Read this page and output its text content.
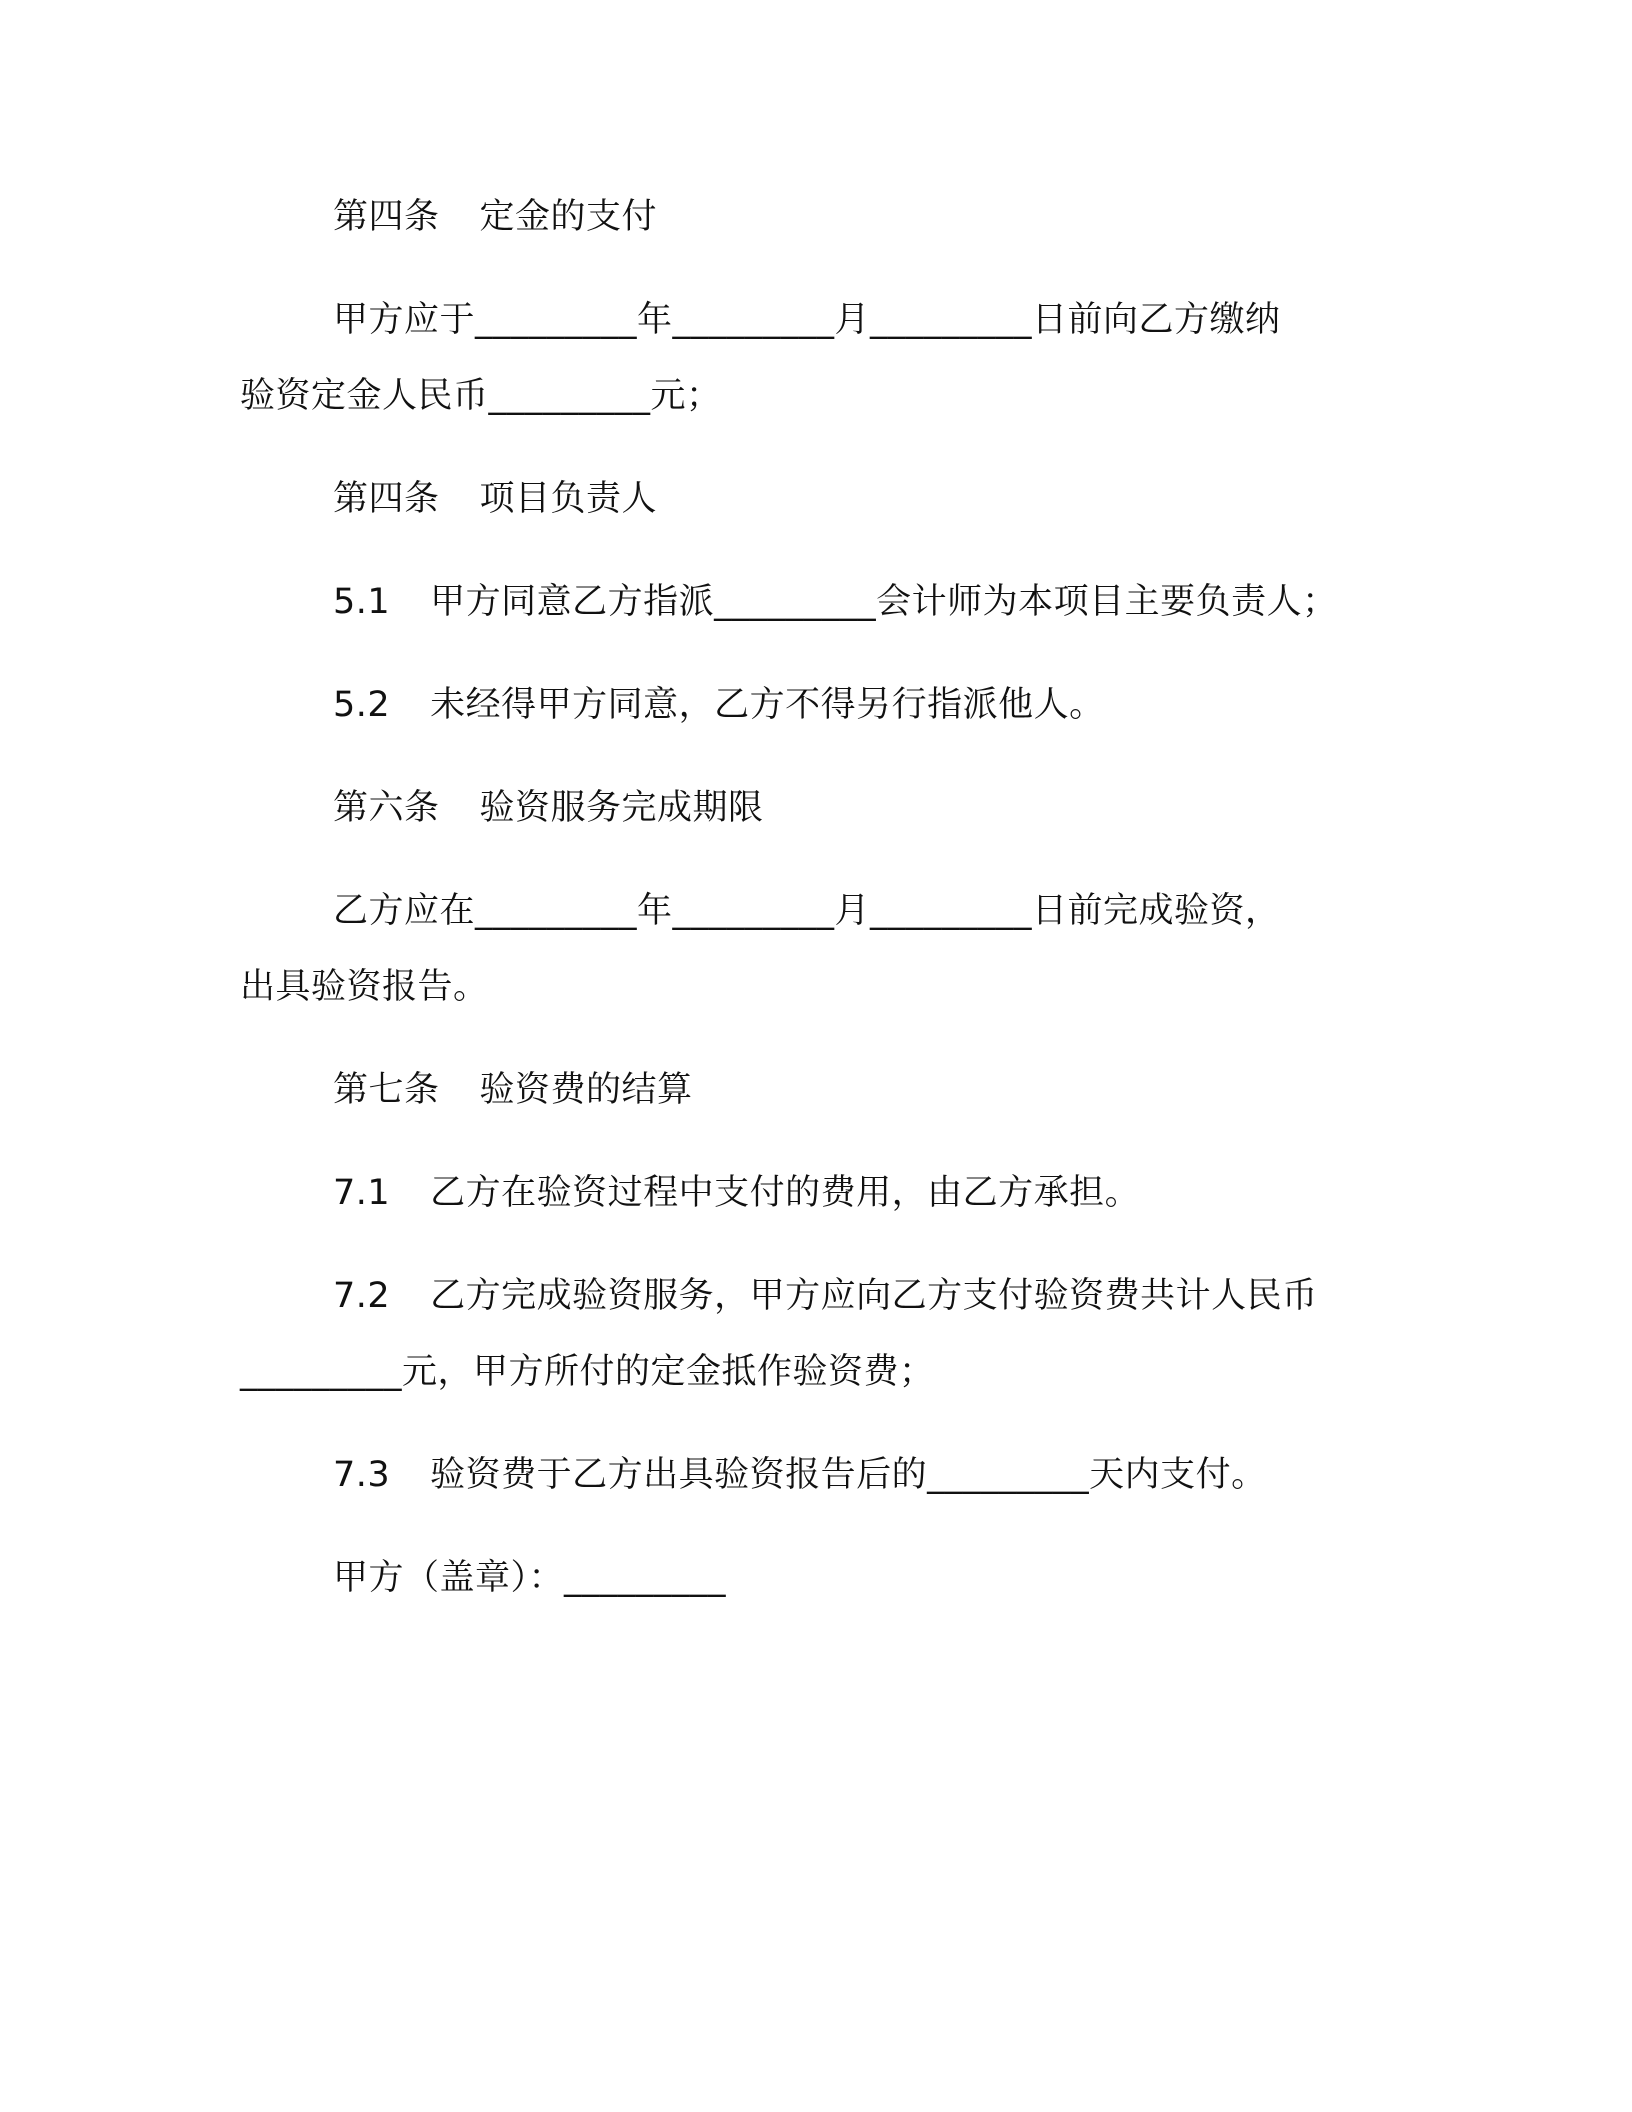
第四条 定金的支付
甲方应于_________年_________月_________日前向乙方缴纳
验资定金人民币_________元；
第四条 项目负责人
5.1 甲方同意乙方指派_________会计师为本项目主要负责人；
5.2 未经得甲方同意，乙方不得另行指派他人。
第六条 验资服务完成期限
乙方应在_________年_________月_________日前完成验资，
出具验资报告。
第七条 验资费的结算
7.1 乙方在验资过程中支付的费用，由乙方承担。
7.2 乙方完成验资服务，甲方应向乙方支付验资费共计人民币
_________元，甲方所付的定金抵作验资费；
7.3 验资费于乙方出具验资报告后的_________天内支付。
甲方（盖章）：_________
